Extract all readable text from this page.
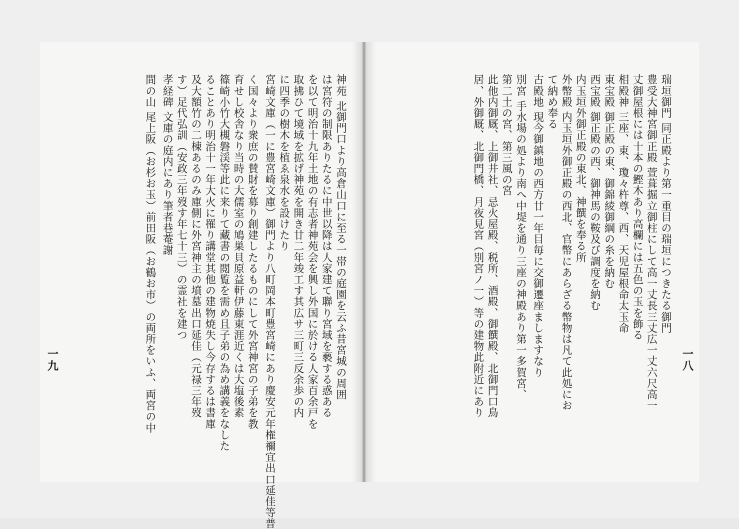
瑞垣御門 同正殿より第一重目の瑞垣につきたる御門
豊受大神宮御正殿 萱葺掘立御柱にして高一丈長三丈広一丈六尺高一
丈御屋根には十本の鰹木あり高欄には五色の玉を飾る
相殿神 三座、東、瓊々杵尊、西、天児屋根命太玉命
東宝殿 御正殿の東、御錦綾御綱の糸を納む
西宝殿 御正殿の西、御神馬の鞍及び調度を納む
内玉垣外御正殿の東北、神饌を奉る所
外幣殿 内玉垣外御正殿の西北、官幣にあらざる幣物は凡て此処にお
て納め奉る
古殿地 現今御鎮地の西方廿一年目毎に交御遷座ましますなり
別宮 手水場の処より南へ中堤を通り三座の神殿あり第一多賀宮、
第二土の宮、第三風の宮
此他内御厩、上御井社、忌火屋殿、税所、酒殿、御饌殿、北御門口鳥
居、外御厩、北御門橋、月夜見宮（別宮ノ一）等の建物此附近にあり	一八
神苑 北御門口より高倉山口に至る一帯の庭園を云ふ昔宮城の周囲
は宮符の制限ありたるに中世以降は人家建て聯り宮域を褻する惑ある
を以て明治十九年土地の有志者神苑会を興し外国に於ける人家百余戸を
取拂ひて境域を拡げ神苑を開き廿二年竣工す其広サ三町三反余歩の内
に四季の樹木を植ゑ泉水を設けたり
宮崎文庫（一に豊宮崎文庫）御門より八町岡本町豊宮崎にあり慶安元年権禰宜出口延佳等普
く国々より衆庶の賛財を募り創建したるものにして外宮神宮の子弟を教
育せし校舎なり当時の大儒室の鳩巣貝原益軒伊藤東涯近くは大塩後素
篠崎小竹大槻磐渓等此に来りて藏書の閲覧を需め且子弟の為め講義をなした
ることあり明治十一年大火に罹り講堂其他の建物焼失し今存するは書庫
及大額竹の二棟あるのみ庫側に外宮神主の墳墓出口延佳（元禄三年歿
す）足代弘訓（安政三年歿す年七十三）の霊社を建つ
孝経碑 文庫の庭内にあり筆者巷菴謝
間の山 尾上阪（お杉お玉）前田阪（お鶴お市）の両所をいふ、両宮の中
一九
